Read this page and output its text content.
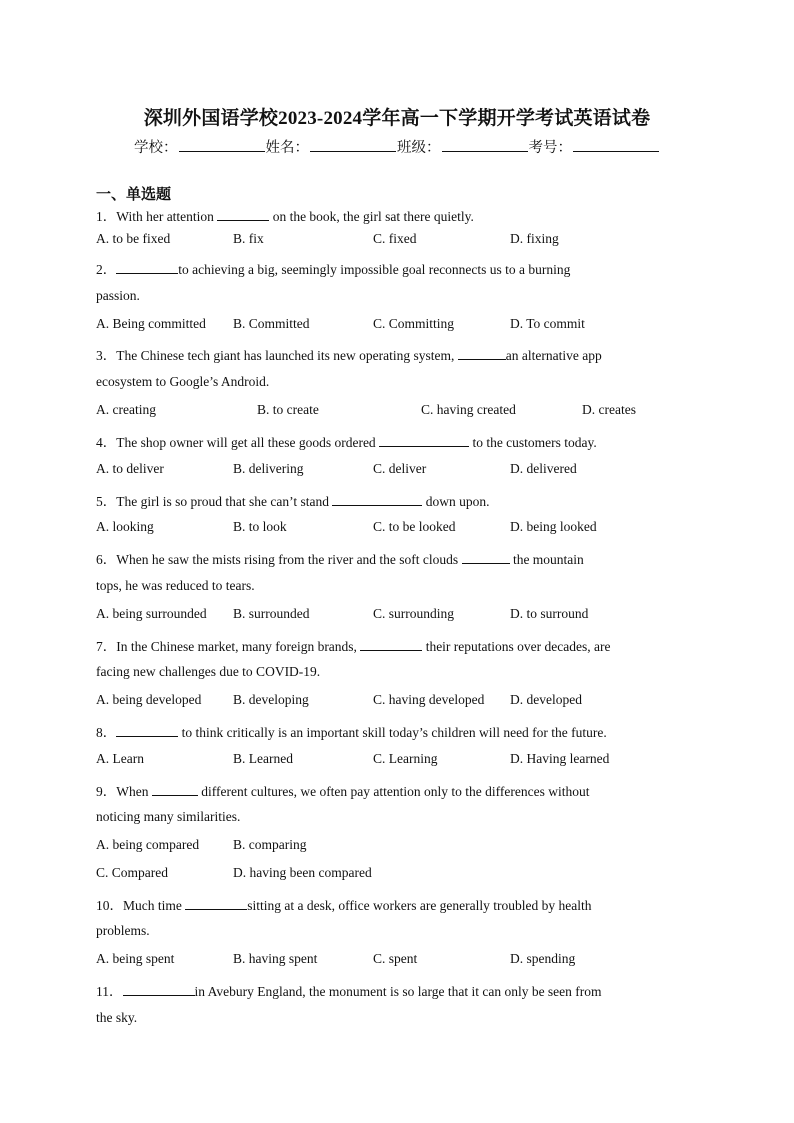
深圳外国语学校2023-2024学年高一下学期开学考试英语试卷
学校：	姓名：	班级：	考号：
一、单选题
1．With her attention	on the book, the girl sat there quietly.
A. to be fixed	B. fix	C. fixed	D. fixing
2．	to achieving a big, seemingly impossible goal reconnects us to a burning
passion.
A. Being committed B. Committed	C. Committing	D. To commit
3．The Chinese tech giant has launched its new operating system,	an alternative app
ecosystem to Google’s Android.
A. creating	B. to create	C. having created	D. creates
4．The shop owner will get all these goods ordered	to the customers today.
A. to deliver	B. delivering	C. deliver	D. delivered
5．The girl is so proud that she can’t stand	down upon.
A. looking	B. to look	C. to be looked	D. being looked
6．When he saw the mists rising from the river and the soft clouds	the mountain
tops, he was reduced to tears.
A. being surrounded B. surrounded	C. surrounding	D. to surround
7．In the Chinese market, many foreign brands,	their reputations over decades, are
facing new challenges due to COVID-19.
A. being developed B. developing	C. having developed D. developed
8．	to think critically is an important skill today’s children will need for the future.
A. Learn	B. Learned	C. Learning	D. Having learned
9．When	different cultures, we often pay attention only to the differences without
noticing many similarities.
A. being compared	B. comparing
C. Compared	D. having been compared
10．Much time	sitting at a desk, office workers are generally troubled by health
problems.
A. being spent	B. having spent	C. spent	D. spending
11．	in Avebury England, the monument is so large that it can only be seen from
the sky.
